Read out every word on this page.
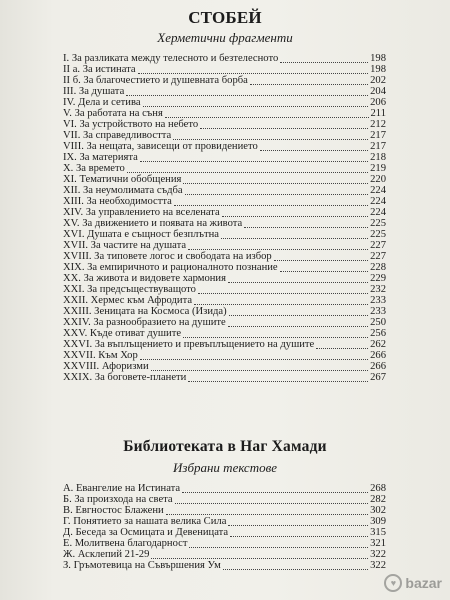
СТОБЕЙ
Херметични фрагменти
I. За разликата между телесното и безтелесното	198
II а. За истината	198
II б. За благочестието и душевната борба	202
III. За душата	204
IV. Дела и сетива	206
V. За работата на съня	211
VI. За устройството на небето	212
VII. За справедливостта	217
VIII. За нещата, зависещи от провидението	217
IX. За материята	218
X. За времето	219
XI. Тематични обобщения	220
XII. За неумолимата съдба	224
XIII. За необходимостта	224
XIV. За управлението на вселената	224
XV. За движението и появата на живота	225
XVI. Душата е същност безплътна	225
XVII. За частите на душата	227
XVIII. За типовете логос и свободата на избор	227
XIX. За емпиричното и рационалното познание	228
XX. За живота и видовете хармония	229
XXI. За предсъществуващото	232
XXII. Хермес към Афродита	233
XXIII. Зеницата на Космоса (Изида)	233
XXIV. За разнообразието на душите	250
XXV. Къде отиват душите	256
XXVI. За въплъщението и превъплъщението на душите	262
XXVII. Към Хор	266
XXVIII. Афоризми	266
XXIX. За боговете-планети	267
Библиотеката в Наг Хамади
Избрани текстове
А. Евангелие на Истината	268
Б. За произхода на света	282
В. Евгностос Блажени	302
Г. Понятието за нашата велика Сила	309
Д. Беседа за Осмицата и Девеницата	315
Е. Молитвена благодарност	321
Ж. Асклепий 21-29	322
З. Гръмотевица на Съвършения Ум	322
♥ bazar
